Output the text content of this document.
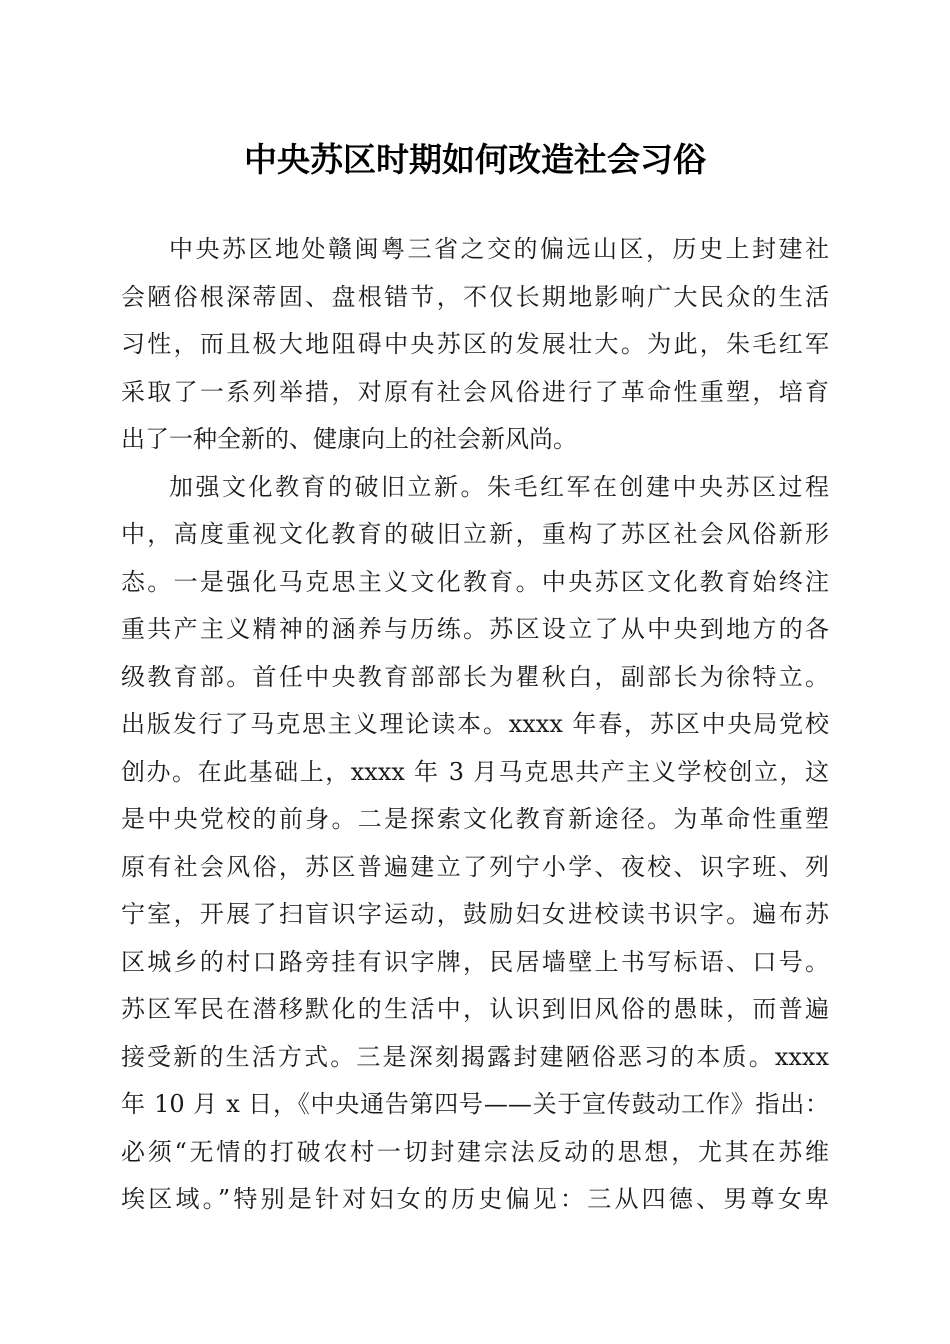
中央苏区时期如何改造社会习俗

中央苏区地处赣闽粤三省之交的偏远山区，历史上封建社

会陋俗根深蒂固、盘根错节，不仅长期地影响广大民众的生活

习性，而且极大地阻碍中央苏区的发展壮大。为此，朱毛红军

采取了一系列举措，对原有社会风俗进行了革命性重塑，培育

出了一种全新的、健康向上的社会新风尚。

加强文化教育的破旧立新。朱毛红军在创建中央苏区过程

中，高度重视文化教育的破旧立新，重构了苏区社会风俗新形

态。一是强化马克思主义文化教育。中央苏区文化教育始终注

重共产主义精神的涵养与历练。苏区设立了从中央到地方的各

级教育部。首任中央教育部部长为瞿秋白，副部长为徐特立。

出版发行了马克思主义理论读本。xxxx 年春，苏区中央局党校

创办。在此基础上，xxxx 年 3 月马克思共产主义学校创立，这

是中央党校的前身。二是探索文化教育新途径。为革命性重塑

原有社会风俗，苏区普遍建立了列宁小学、夜校、识字班、列

宁室，开展了扫盲识字运动，鼓励妇女进校读书识字。遍布苏

区城乡的村口路旁挂有识字牌，民居墙壁上书写标语、口号。

苏区军民在潜移默化的生活中，认识到旧风俗的愚昧，而普遍

接受新的生活方式。三是深刻揭露封建陋俗恶习的本质。xxxx

年 10 月 x 日，《中央通告第四号——关于宣传鼓动工作》指出：

必须“无情的打破农村一切封建宗法反动的思想，尤其在苏维

埃区域。”特别是针对妇女的历史偏见：三从四德、男尊女卑
